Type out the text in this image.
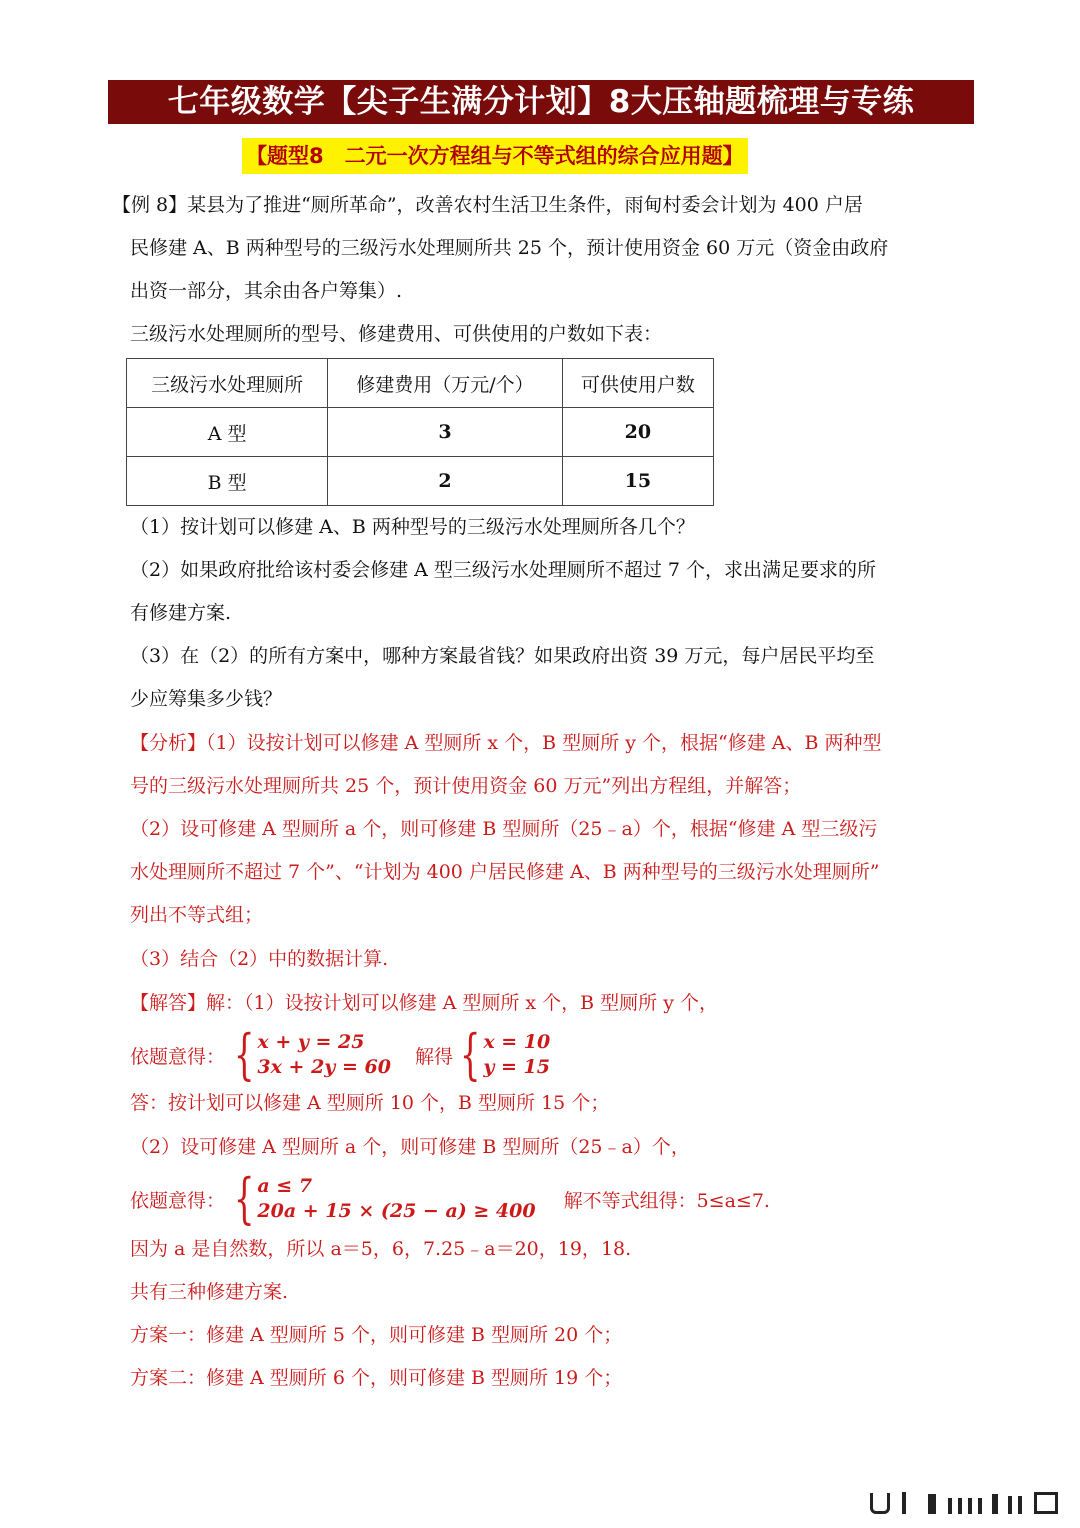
七年级数学【尖子生满分计划】8大压轴题梳理与专练
【题型8　二元一次方程组与不等式组的综合应用题】
【例 8】某县为了推进“厕所革命”，改善农村生活卫生条件，雨甸村委会计划为 400 户居
民修建 A、B 两种型号的三级污水处理厕所共 25 个，预计使用资金 60 万元（资金由政府
出资一部分，其余由各户筹集）.
三级污水处理厕所的型号、修建费用、可供使用的户数如下表：
三级污水处理厕所	修建费用（万元/个）	可供使用户数
A 型	3	20
B 型	2	15
（1）按计划可以修建 A、B 两种型号的三级污水处理厕所各几个？
（2）如果政府批给该村委会修建 A 型三级污水处理厕所不超过 7 个，求出满足要求的所
有修建方案.
（3）在（2）的所有方案中，哪种方案最省钱？如果政府出资 39 万元，每户居民平均至
少应筹集多少钱？
【分析】（1）设按计划可以修建 A 型厕所 x 个，B 型厕所 y 个，根据“修建 A、B 两种型
号的三级污水处理厕所共 25 个，预计使用资金 60 万元”列出方程组，并解答；
（2）设可修建 A 型厕所 a 个，则可修建 B 型厕所（25﹣a）个，根据“修建 A 型三级污
水处理厕所不超过 7 个”、“计划为 400 户居民修建 A、B 两种型号的三级污水处理厕所”
列出不等式组；
（3）结合（2）中的数据计算.
【解答】解：（1）设按计划可以修建 A 型厕所 x 个，B 型厕所 y 个，
依题意得： { x + y = 25
3x + 2y = 60 解得 { x = 10
y = 15
答：按计划可以修建 A 型厕所 10 个，B 型厕所 15 个；
（2）设可修建 A 型厕所 a 个，则可修建 B 型厕所（25﹣a）个，
依题意得： { a ≤ 7
20a + 15 × (25 − a) ≥ 400 解不等式组得：5≤a≤7.
因为 a 是自然数，所以 a＝5，6，7.25﹣a＝20，19，18.
共有三种修建方案.
方案一：修建 A 型厕所 5 个，则可修建 B 型厕所 20 个；
方案二：修建 A 型厕所 6 个，则可修建 B 型厕所 19 个；
